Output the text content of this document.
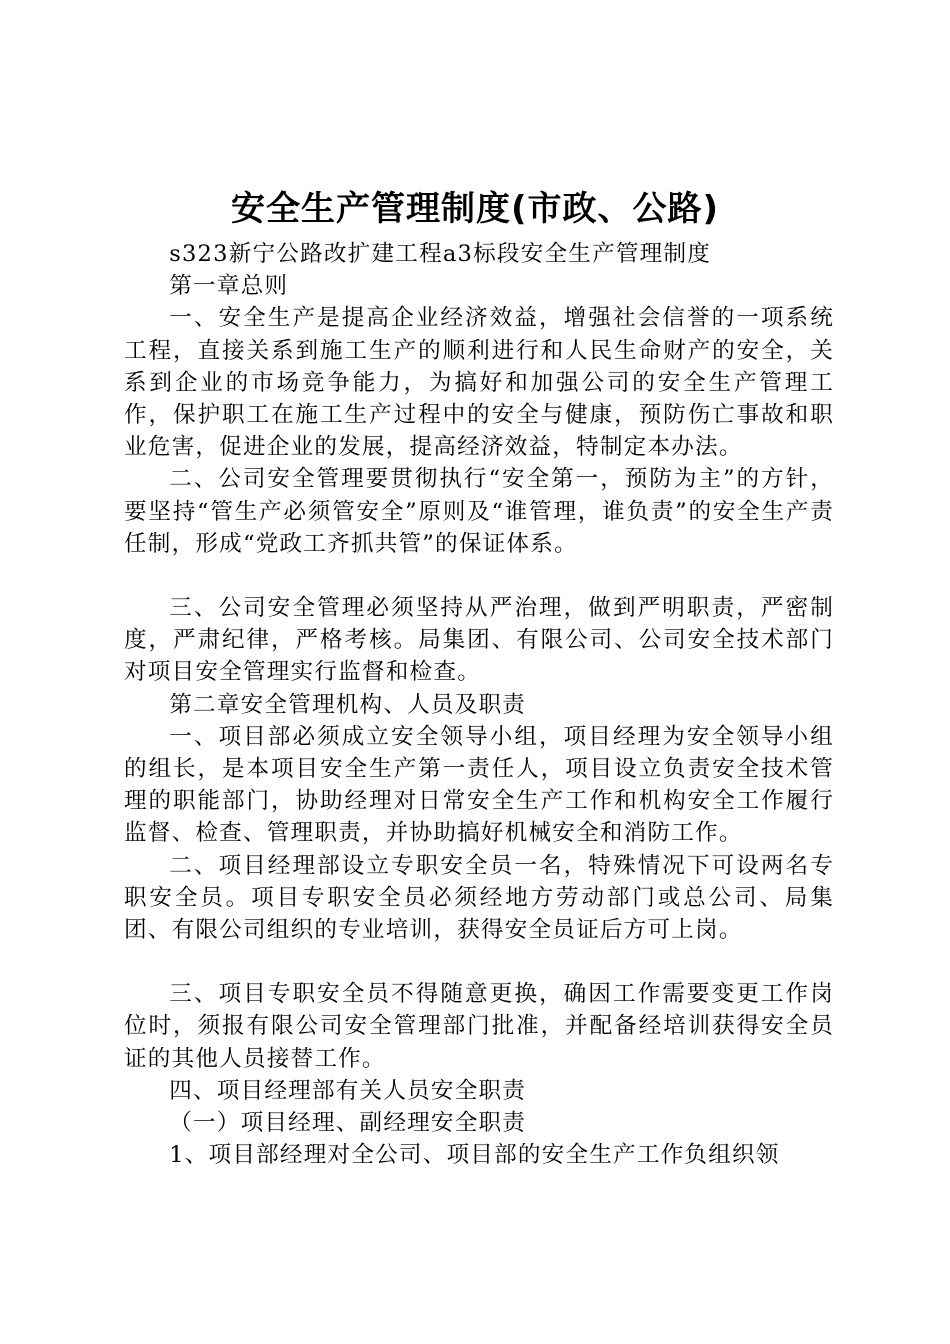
安全生产管理制度(市政、公路)

s323新宁公路改扩建工程a3标段安全生产管理制度

第一章总则

一、安全生产是提高企业经济效益，增强社会信誉的一项系统工程，直接关系到施工生产的顺利进行和人民生命财产的安全，关系到企业的市场竞争能力，为搞好和加强公司的安全生产管理工作，保护职工在施工生产过程中的安全与健康，预防伤亡事故和职业危害，促进企业的发展，提高经济效益，特制定本办法。

二、公司安全管理要贯彻执行“安全第一，预防为主”的方针，要坚持“管生产必须管安全”原则及“谁管理，谁负责”的安全生产责任制，形成“党政工齐抓共管”的保证体系。

三、公司安全管理必须坚持从严治理，做到严明职责，严密制度，严肃纪律，严格考核。局集团、有限公司、公司安全技术部门对项目安全管理实行监督和检查。

第二章安全管理机构、人员及职责

一、项目部必须成立安全领导小组，项目经理为安全领导小组的组长，是本项目安全生产第一责任人，项目设立负责安全技术管理的职能部门，协助经理对日常安全生产工作和机构安全工作履行监督、检查、管理职责，并协助搞好机械安全和消防工作。

二、项目经理部设立专职安全员一名，特殊情况下可设两名专职安全员。项目专职安全员必须经地方劳动部门或总公司、局集团、有限公司组织的专业培训，获得安全员证后方可上岗。

三、项目专职安全员不得随意更换，确因工作需要变更工作岗位时，须报有限公司安全管理部门批准，并配备经培训获得安全员证的其他人员接替工作。

四、项目经理部有关人员安全职责

（一）项目经理、副经理安全职责

1、项目部经理对全公司、项目部的安全生产工作负组织领
